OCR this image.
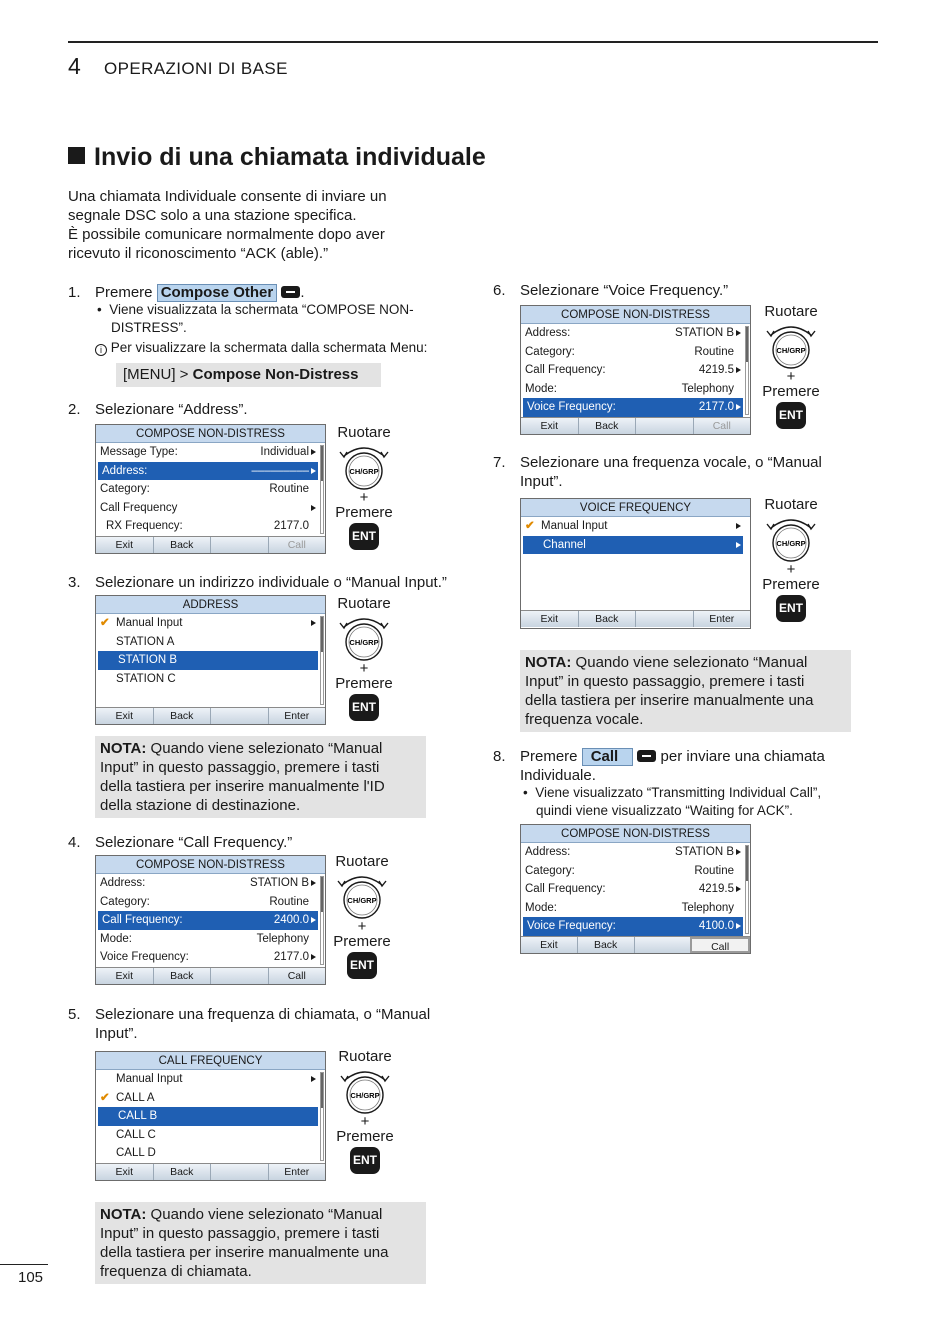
4 OPERAZIONI DI BASE
Invio di una chiamata individuale
Una chiamata Individuale consente di inviare un
segnale DSC solo a una stazione specifica.
È possibile comunicare normalmente dopo aver
ricevuto il riconoscimento “ACK (able).”
1. Premere Compose Other .
•  Viene visualizzata la schermata “COMPOSE NON-
DISTRESS”.
i Per visualizzare la schermata dalla schermata Menu:
[MENU] > Compose Non-Distress
2. Selezionare “Address”.
COMPOSE NON-DISTRESS
Message Type:	Individual
Address:	–––––––––
Category:	Routine
Call Frequency
RX Frequency:	2177.0
Exit	Back	Call
Ruotare
CH/GRP
+
Premere
ENT
3. Selezionare un indirizzo individuale o “Manual Input.”
ADDRESS
✔ Manual Input
STATION A
STATION B
STATION C
Exit	Back	Enter
Ruotare
CH/GRP
+
Premere
ENT
NOTA: Quando viene selezionato “Manual
Input” in questo passaggio, premere i tasti
della tastiera per inserire manualmente l'ID
della stazione di destinazione.
4. Selezionare “Call Frequency.”
COMPOSE NON-DISTRESS
Address:	STATION B
Category:	Routine
Call Frequency:	2400.0
Mode:	Telephony
Voice Frequency:	2177.0
Exit	Back	Call
Ruotare
CH/GRP
+
Premere
ENT
5. Selezionare una frequenza di chiamata, o “Manual
Input”.
CALL FREQUENCY
Manual Input
✔ CALL A
CALL B
CALL C
CALL D
Exit	Back	Enter
Ruotare
CH/GRP
+
Premere
ENT
NOTA: Quando viene selezionato “Manual
Input” in questo passaggio, premere i tasti
della tastiera per inserire manualmente una
frequenza di chiamata.
6. Selezionare “Voice Frequency.”
COMPOSE NON-DISTRESS
Address:	STATION B
Category:	Routine
Call Frequency:	4219.5
Mode:	Telephony
Voice Frequency:	2177.0
Exit	Back	Call
Ruotare
CH/GRP
+
Premere
ENT
7. Selezionare una frequenza vocale, o “Manual
Input”.
VOICE FREQUENCY
✔ Manual Input
Channel
Exit	Back	Enter
Ruotare
CH/GRP
+
Premere
ENT
NOTA: Quando viene selezionato “Manual
Input” in questo passaggio, premere i tasti
della tastiera per inserire manualmente una
frequenza vocale.
8. Premere Call	per inviare una chiamata
Individuale.
•  Viene visualizzato “Transmitting Individual Call”,
quindi viene visualizzato “Waiting for ACK”.
COMPOSE NON-DISTRESS
Address:	STATION B
Category:	Routine
Call Frequency:	4219.5
Mode:	Telephony
Voice Frequency:	4100.0
Exit	Back	Call
105
